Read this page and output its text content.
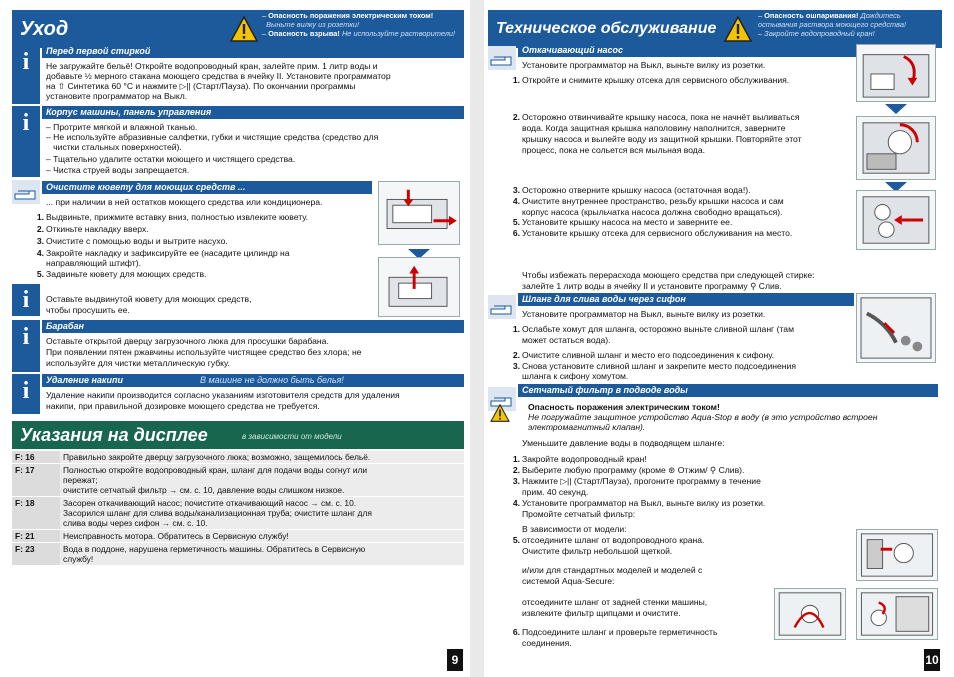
Уход
– Опасность поражения электрическим током!
Выньте вилку из розетки!
– Опасность взрыва! Не используйте растворители!
i	Перед первой стиркой
Не загружайте бельё! Откройте водопроводный кран, залейте прим. 1 литр воды и
добавьте ½ мерного стакана моющего средства в ячейку II. Установите программатор
на ⇧ Синтетика 60 °C и нажмите ▷|| (Старт/Пауза). По окончании программы
установите программатор на Выкл.
i	Корпус машины, панель управления
– Протрите мягкой и влажной тканью.
– Не используйте абразивные салфетки, губки и чистящие средства (средство для
чистки стальных поверхностей).
– Тщательно удалите остатки моющего и чистящего средства.
– Чистка струей воды запрещается.
Очистите кювету для моющих средств ...
... при наличии в ней остатков моющего средства или кондиционера.
1. Выдвиньте, прижмите вставку вниз, полностью извлеките кювету.
2. Откиньте накладку вверх.
3. Очистите с помощью воды и вытрите насухо.
4. Закройте накладку и зафиксируйте ее (насадите цилиндр на
направляющий штифт).
5. Задвиньте кювету для моющих средств.
i	Оставьте выдвинутой кювету для моющих средств,
чтобы просушить ее.
i	Барабан
Оставьте открытой дверцу загрузочного люка для просушки барабана.
При появлении пятен ржавчины используйте чистящее средство без хлора; не
используйте для чистки металлическую губку.
i	Удаление накипи	В машине не должно быть белья!
Удаление накипи производится согласно указаниям изготовителя средств для удаления
накипи, при правильной дозировке моющего средства не требуется.
Указания на дисплее	в зависимости от модели
F: 16	Правильно закройте дверцу загрузочного люка; возможно, защемилось бельё.
F: 17	Полностью откройте водопроводный кран, шланг для подачи воды согнут или
пережат;
очистите сетчатый фильтр → см. с. 10, давление воды слишком низкое.
F: 18	Засорен откачивающий насос; почистите откачивающий насос → см. с. 10.
Засорился шланг для слива воды/канализационная труба; очистите шланг для
слива воды через сифон → см. с. 10.
F: 21	Неисправность мотора. Обратитесь в Сервисную службу!
F: 23	Вода в поддоне, нарушена герметичность машины. Обратитесь в Сервисную
службу!
9
Техническое обслуживание
– Опасность ошпаривания! Дождитесь остывания раствора моющего средства!
– Закройте водопроводный кран!
Откачивающий насос
Установите программатор на Выкл, выньте вилку из розетки.
1. Откройте и снимите крышку отсека для сервисного обслуживания.
2. Осторожно отвинчивайте крышку насоса, пока не начнёт выливаться
вода. Когда защитная крышка наполовину наполнится, заверните
крышку насоса и вылейте воду из защитной крышки. Повторяйте этот
процесс, пока не сольется вся мыльная вода.
3. Осторожно отверните крышку насоса (остаточная вода!).
4. Очистите внутреннее пространство, резьбу крышки насоса и сам
корпус насоса (крыльчатка насоса должна свободно вращаться).
5. Установите крышку насоса на место и заверните ее.
6. Установите крышку отсека для сервисного обслуживания на место.
Чтобы избежать перерасхода моющего средства при следующей стирке:
залейте 1 литр воды в ячейку II и установите программу ⚲ Слив.
Шланг для слива воды через сифон
Установите программатор на Выкл, выньте вилку из розетки.
1. Ослабьте хомут для шланга, осторожно выньте сливной шланг (там
может остаться вода).
2. Очистите сливной шланг и место его подсоединения к сифону.
3. Снова установите сливной шланг и закрепите место подсоединения
шланга к сифону хомутом.
Сетчатый фильтр в подводе воды
Опасность поражения электрическим током!
Не погружайте защитное устройство Aqua-Stop в воду (в это устройство встроен
электромагнитный клапан).
Уменьшите давление воды в подводящем шланге:
1. Закройте водопроводный кран!
2. Выберите любую программу (кроме ⊛ Отжим/ ⚲ Слив).
3. Нажмите ▷|| (Старт/Пауза), прогоните программу в течение
прим. 40 секунд.
4. Установите программатор на Выкл, выньте вилку из розетки.
Промойте сетчатый фильтр:
В зависимости от модели:
5. отсоедините шланг от водопроводного крана.
Очистите фильтр небольшой щеткой.
и/или для стандартных моделей и моделей с
системой Aqua-Secure:
отсоедините шланг от задней стенки машины,
извлеките фильтр щипцами и очистите.
6. Подсоедините шланг и проверьте герметичность
соединения.
10
